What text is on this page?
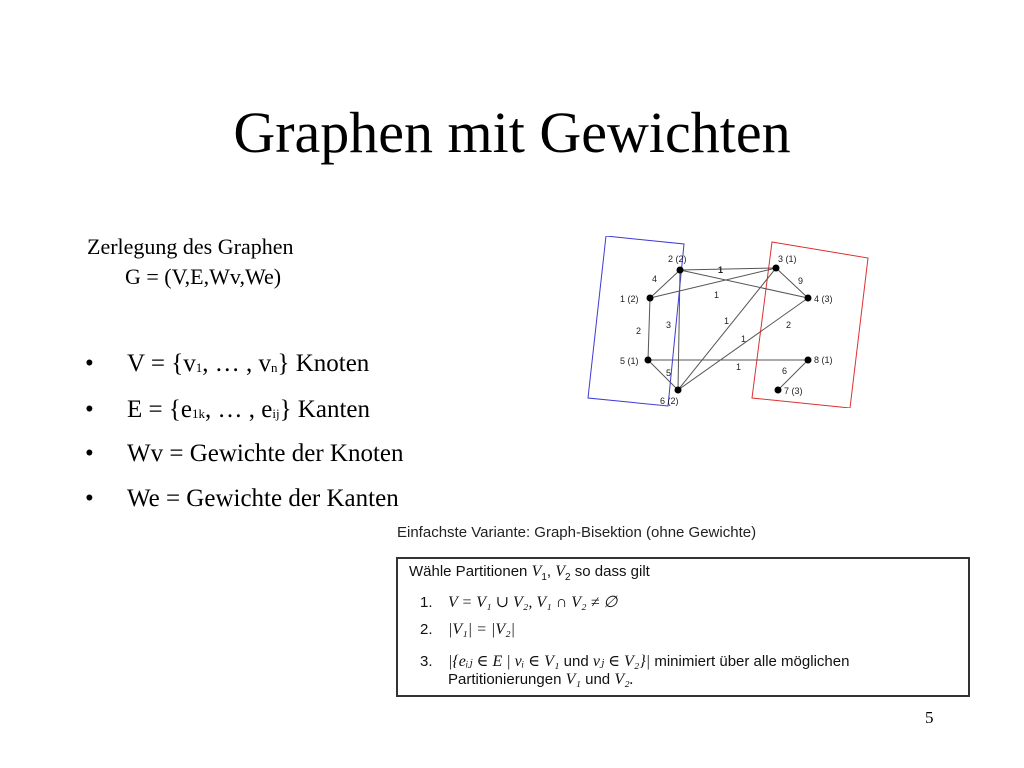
Graphen mit Gewichten
Zerlegung des Graphen
G = (V,E,Wv,We)
•	$V = \{v_1$, … , $v_n$} Knoten
•	$E = \{e_{1k}$, … , $e_{ij}$} Kanten
•	Wv = Gewichte der Knoten
•	We = Gewichte der Kanten
1 (2)
2 (2)	3 (1)
4 (3)
5 (1)
6 (2)
7 (3)
8 (1)
4
1
1
2
3
5
9
1	2
1
1	6
Einfachste Variante: Graph-Bisektion (ohne Gewichte)
Wähle Partitionen $V_1$, $V_2$ so dass gilt
1. V = V₁ ∪ V₂, V₁ ∩ V₂ ≠ ∅
2. |V₁| = |V₂|
3. |{eᵢⱼ ∈ E | vᵢ ∈ V₁ und vⱼ ∈ V₂}| minimiert über alle möglichen
Partitionierungen V₁ und V₂.
5
